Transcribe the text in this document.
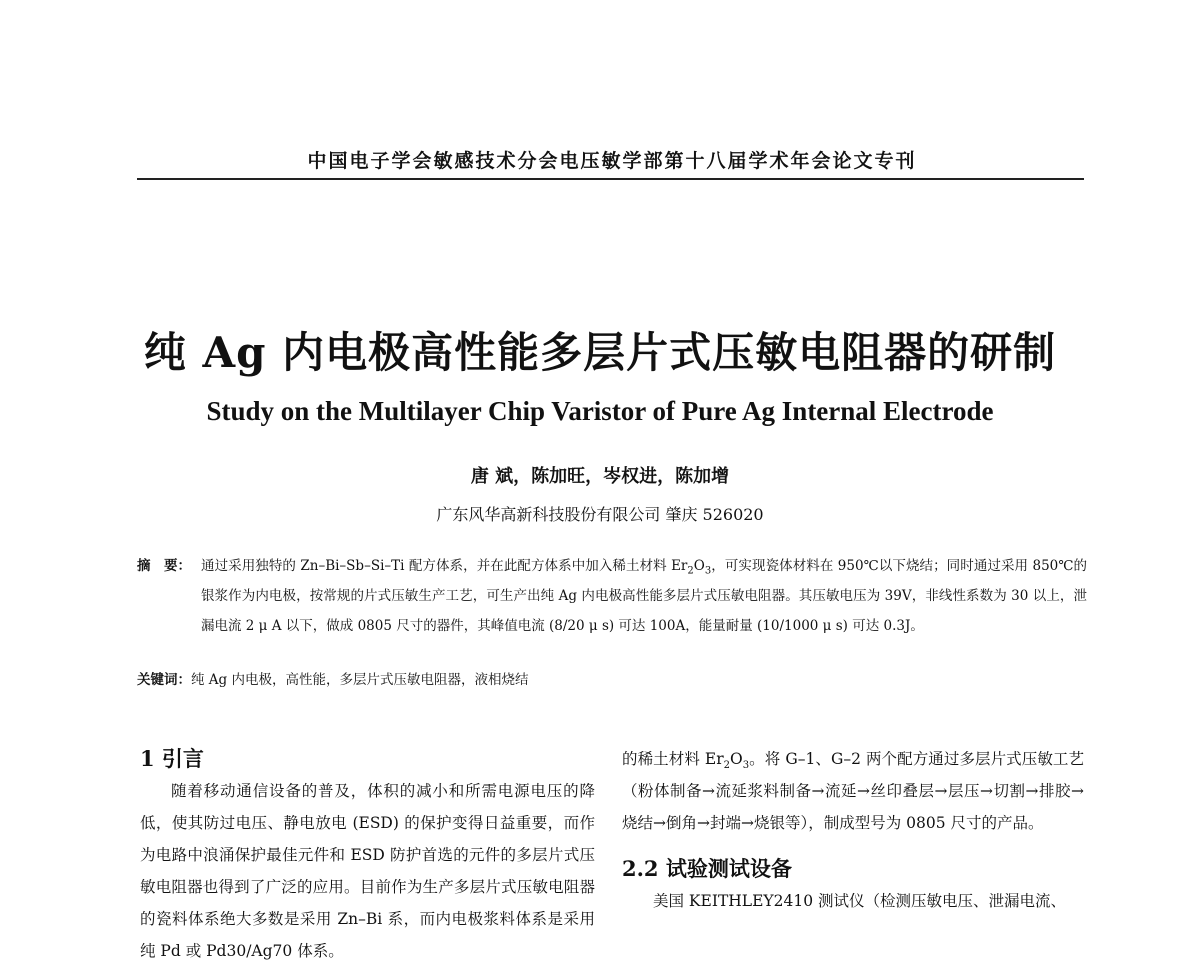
中国电子学会敏感技术分会电压敏学部第十八届学术年会论文专刊
纯 Ag 内电极高性能多层片式压敏电阻器的研制
Study on the Multilayer Chip Varistor of Pure Ag Internal Electrode
唐 斌，陈加旺，岑权进，陈加增
广东风华高新科技股份有限公司 肇庆 526020
摘　要： 通过采用独特的 Zn–Bi–Sb–Si–Ti 配方体系，并在此配方体系中加入稀土材料 $Er_2O_3$，可实现瓷体材料在 950℃以下烧结；同时通过采用 850℃的银浆作为内电极，按常规的片式压敏生产工艺，可生产出纯 Ag 内电极高性能多层片式压敏电阻器。其压敏电压为 39V，非线性系数为 30 以上，泄漏电流 2 μ A 以下，做成 0805 尺寸的器件，其峰值电流 (8/20 μ s) 可达 100A，能量耐量 (10/1000 μ s) 可达 0.3J。
关键词：纯 Ag 内电极，高性能，多层片式压敏电阻器，液相烧结
1 引言

随着移动通信设备的普及，体积的减小和所需电源电压的降低，使其防过电压、静电放电 (ESD) 的保护变得日益重要，而作为电路中浪涌保护最佳元件和 ESD 防护首选的元件的多层片式压敏电阻器也得到了广泛的应用。目前作为生产多层片式压敏电阻器的瓷料体系绝大多数是采用 Zn–Bi 系，而内电极浆料体系是采用纯 Pd 或 Pd30/Ag70 体系。

的稀土材料 $Er_2O_3$。将 G–1、G–2 两个配方通过多层片式压敏工艺（粉体制备→流延浆料制备→流延→丝印叠层→层压→切割→排胶→烧结→倒角→封端→烧银等），制成型号为 0805 尺寸的产品。

2.2 试验测试设备

美国 KEITHLEY2410 测试仪（检测压敏电压、泄漏电流、
